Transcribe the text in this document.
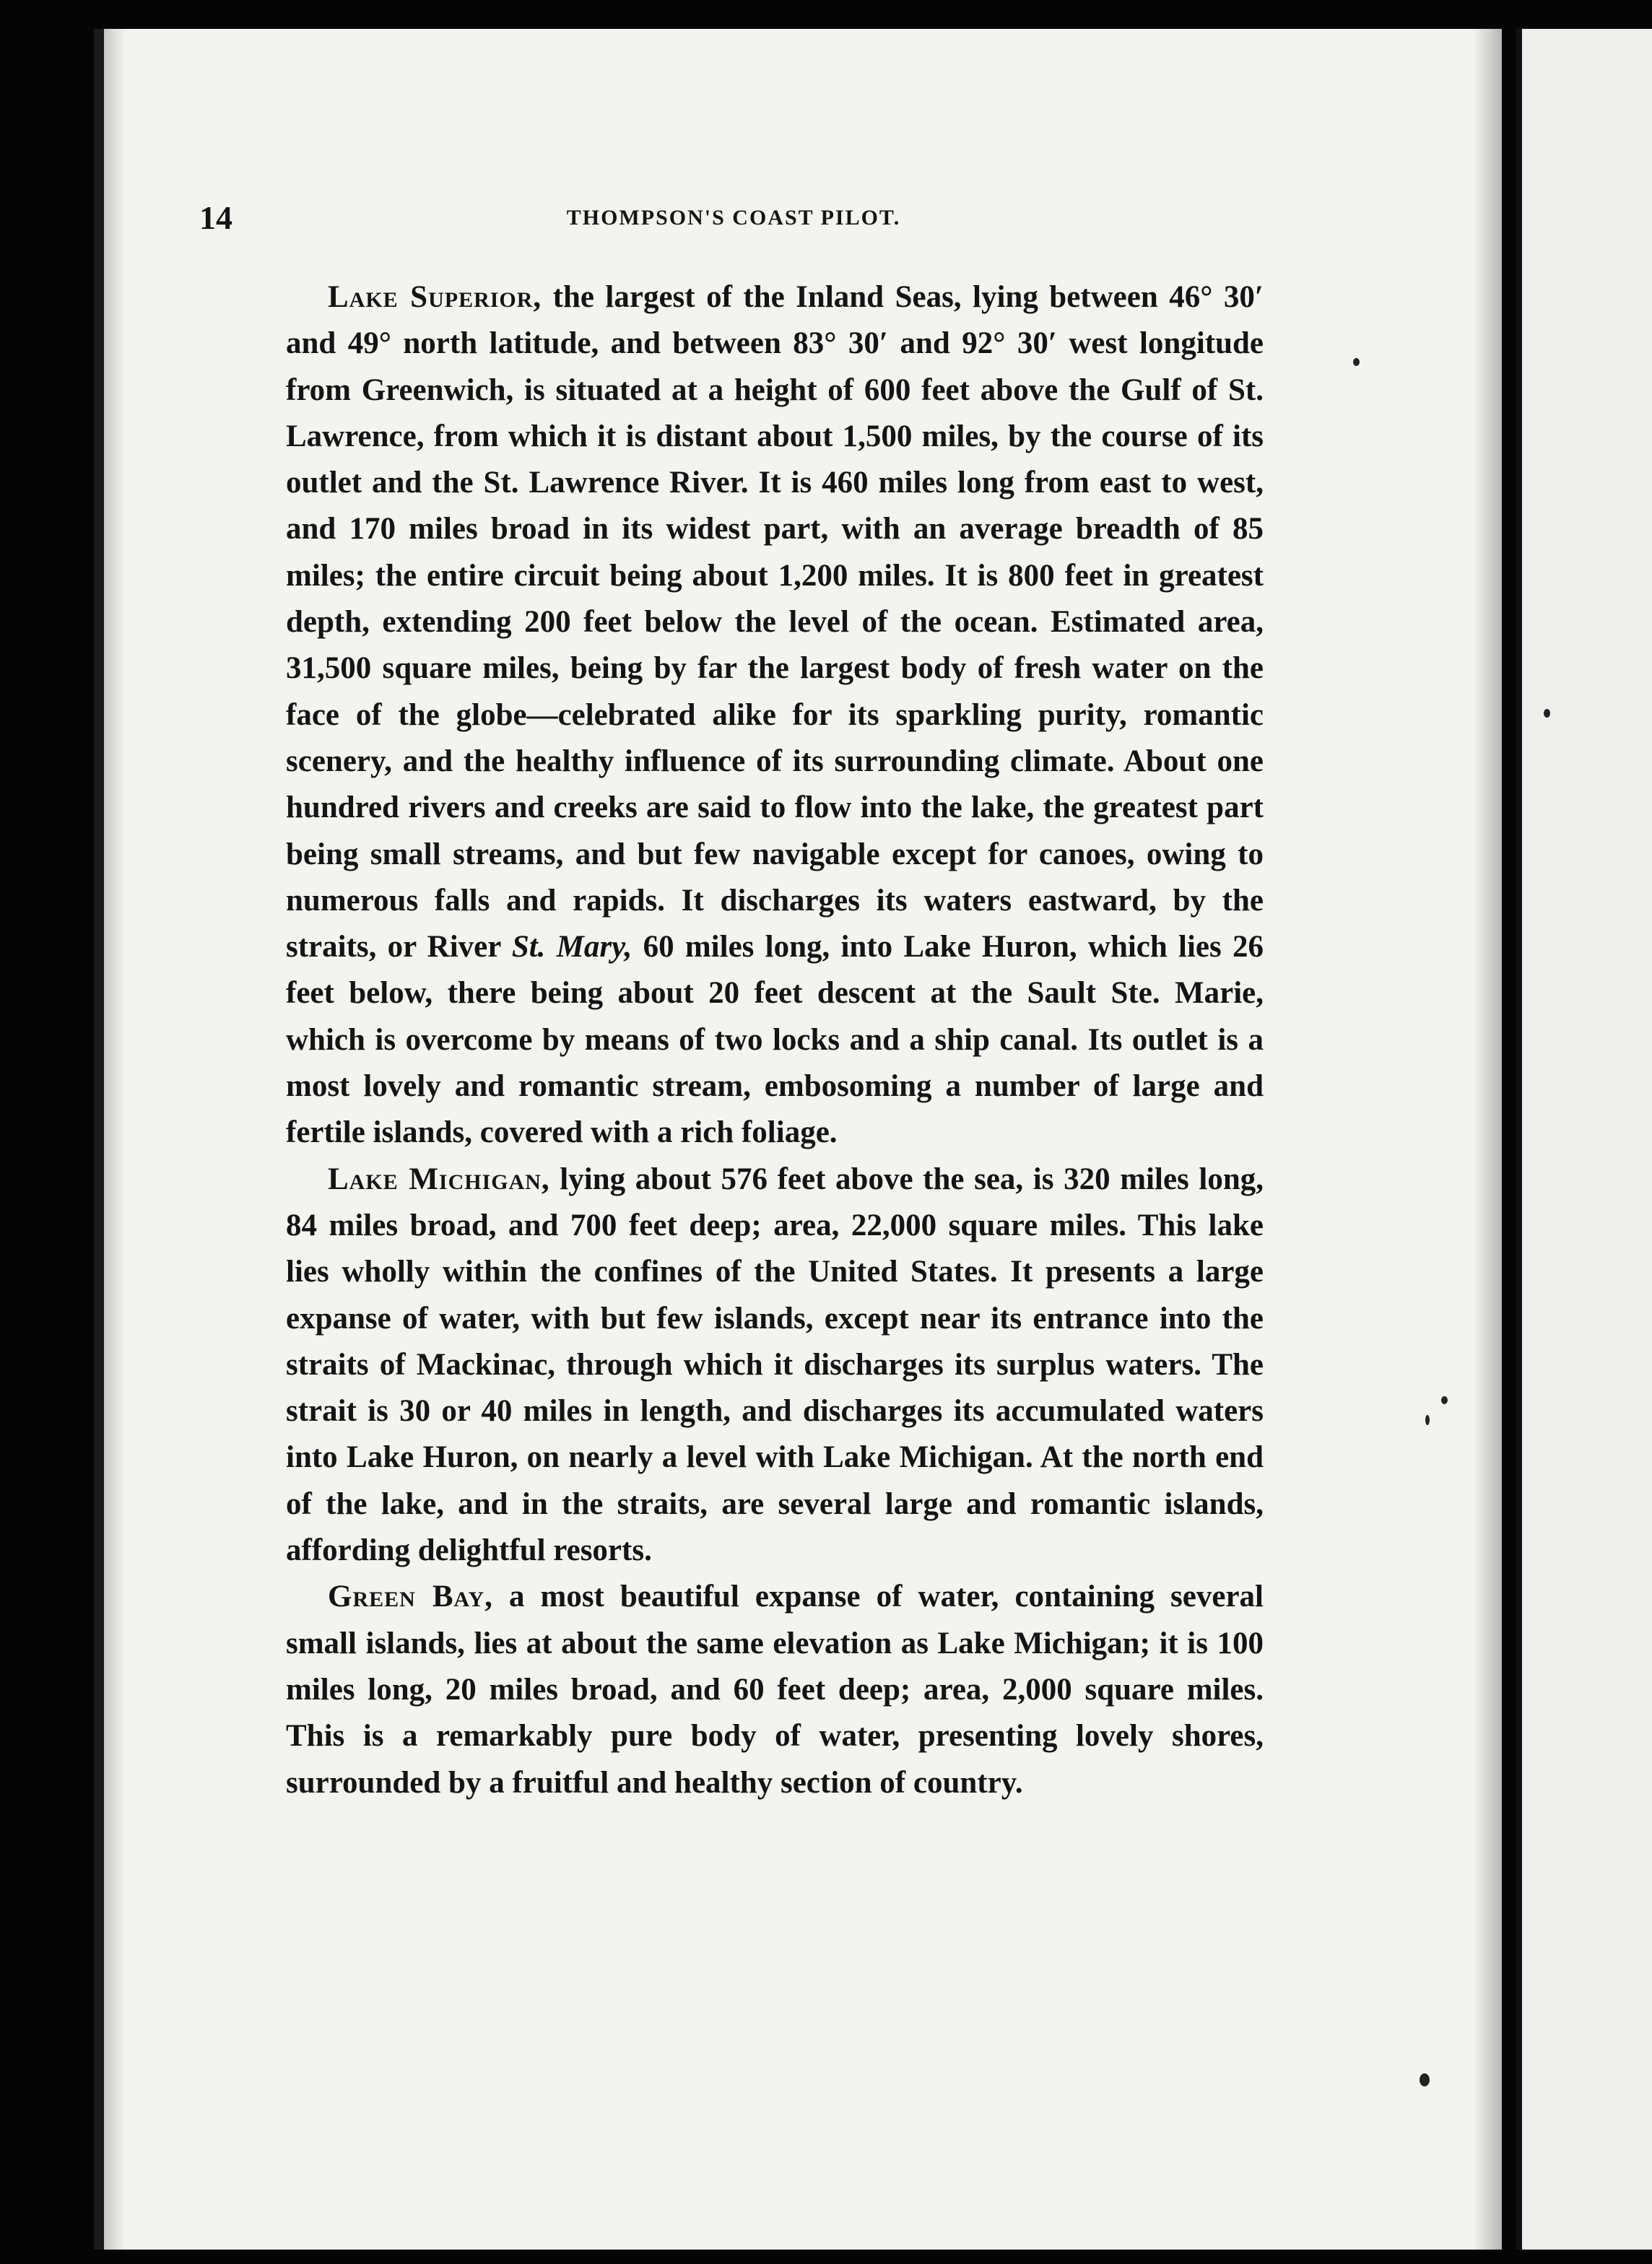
14	THOMPSON'S COAST PILOT.

Lake Superior, the largest of the Inland Seas, lying between 46° 30′ and 49° north latitude, and between 83° 30′ and 92° 30′ west longitude from Greenwich, is situated at a height of 600 feet above the Gulf of St. Lawrence, from which it is distant about 1,500 miles, by the course of its outlet and the St. Lawrence River. It is 460 miles long from east to west, and 170 miles broad in its widest part, with an average breadth of 85 miles; the entire circuit being about 1,200 miles. It is 800 feet in greatest depth, extending 200 feet below the level of the ocean. Estimated area, 31,500 square miles, being by far the largest body of fresh water on the face of the globe—celebrated alike for its sparkling purity, romantic scenery, and the healthy influence of its surrounding climate. About one hundred rivers and creeks are said to flow into the lake, the greatest part being small streams, and but few navigable except for canoes, owing to numerous falls and rapids. It discharges its waters eastward, by the straits, or River St. Mary, 60 miles long, into Lake Huron, which lies 26 feet below, there being about 20 feet descent at the Sault Ste. Marie, which is overcome by means of two locks and a ship canal. Its outlet is a most lovely and romantic stream, embosoming a number of large and fertile islands, covered with a rich foliage.

Lake Michigan, lying about 576 feet above the sea, is 320 miles long, 84 miles broad, and 700 feet deep; area, 22,000 square miles. This lake lies wholly within the confines of the United States. It presents a large expanse of water, with but few islands, except near its entrance into the straits of Mackinac, through which it discharges its surplus waters. The strait is 30 or 40 miles in length, and discharges its accumulated waters into Lake Huron, on nearly a level with Lake Michigan. At the north end of the lake, and in the straits, are several large and romantic islands, affording delightful resorts.

Green Bay, a most beautiful expanse of water, containing several small islands, lies at about the same elevation as Lake Michigan; it is 100 miles long, 20 miles broad, and 60 feet deep; area, 2,000 square miles. This is a remarkably pure body of water, presenting lovely shores, surrounded by a fruitful and healthy section of country.
